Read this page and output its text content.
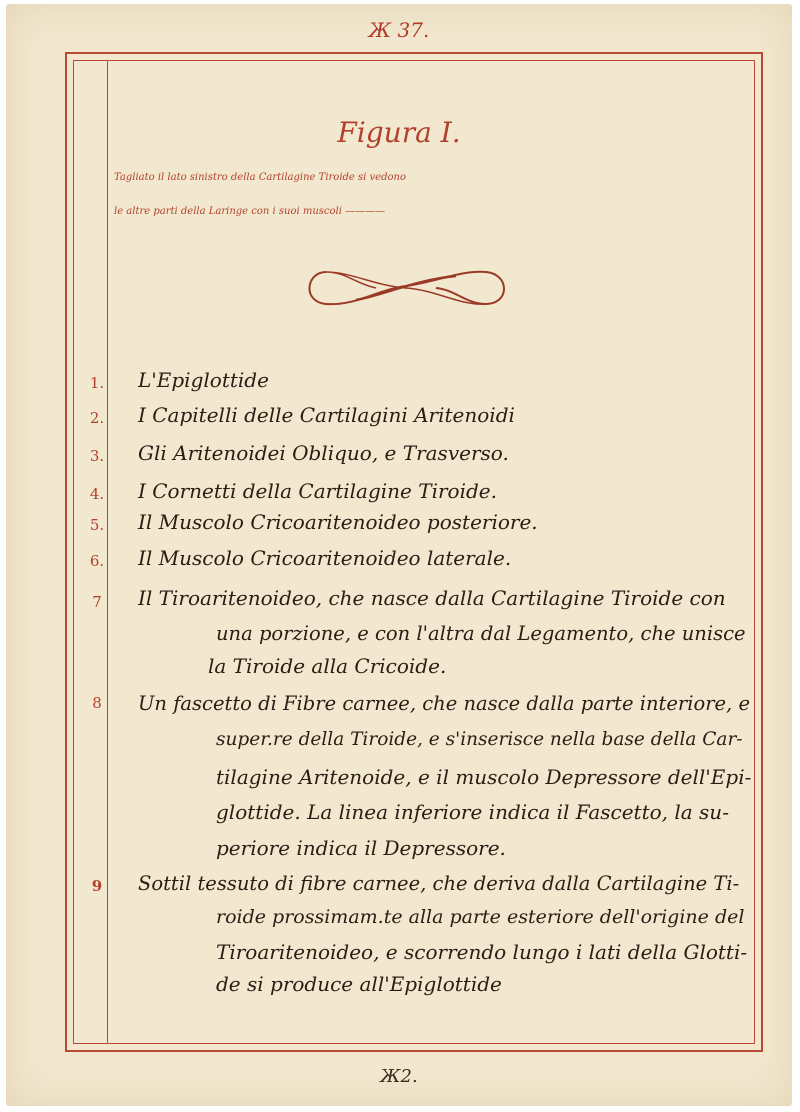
Ж 37.
Figura I.
Tagliato il lato sinistro della Cartilagine Tiroide si vedono
le altre parti della Laringe con i suoi muscoli ————
1.	L'Epiglottide
2.	I Capitelli delle Cartilagini Aritenoidi
3.	Gli Aritenoidei Obliquo, e Trasverso.
4.	I Cornetti della Cartilagine Tiroide.
5.	Il Muscolo Cricoaritenoideo posteriore.
6.	Il Muscolo Cricoaritenoideo laterale.
7	Il Tiroaritenoideo, che nasce dalla Cartilagine Tiroide con
una porzione, e con l'altra dal Legamento, che unisce
la Tiroide alla Cricoide.
8	Un fascetto di Fibre carnee, che nasce dalla parte interiore, e
super.re della Tiroide, e s'inserisce nella base della Car-
tilagine Aritenoide, e il muscolo Depressore dell'Epi-
glottide. La linea inferiore indica il Fascetto, la su-
periore indica il Depressore.
9	Sottil tessuto di fibre carnee, che deriva dalla Cartilagine Ti-
roide prossimam.te alla parte esteriore dell'origine del
Tiroaritenoideo, e scorrendo lungo i lati della Glotti-
de si produce all'Epiglottide
Ж2.
